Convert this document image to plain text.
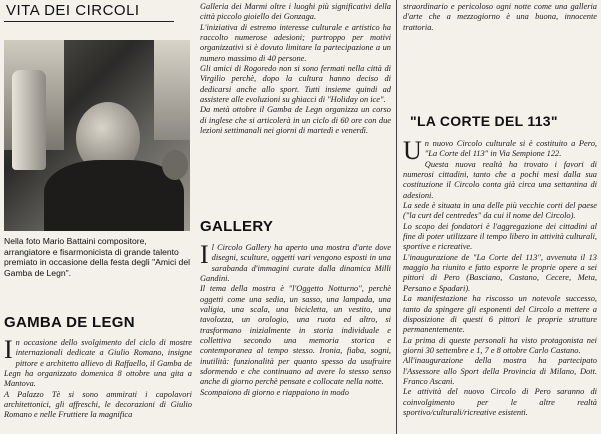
VITA DEI CIRCOLI
Nella foto Mario Battaini compositore, arrangiatore e fisarmonicista di grande talento premiato in occasione della festa degli "Amici del Gamba de Legn".
GAMBA DE LEGN

In occasione dello svolgimento del ciclo di mostre internazionali dedicate a Giulio Romano, insigne pittore e architetto allievo di Raffaello, il Gamba de Legn ha organizzato domenica 8 ottobre una gita a Mantova.

A Palazzo Tè si sono ammirati i capolavori architettonici, gli affreschi, le decorazioni di Giulio Romano e nelle Fruttiere la magnifica

Galleria dei Marmi oltre i luoghi più significativi della città piccolo gioiello dei Gonzaga.

L'iniziativa di estremo interesse culturale e artistico ha raccolto numerose adesioni; purtroppo per motivi organizzativi si è dovuto limitare la partecipazione a un numero massimo di 40 persone.

Gli amici di Rogoredo non si sono fermati nella città di Virgilio perchè, dopo la cultura hanno deciso di dedicarsi anche allo sport. Tutti insieme quindi ad assistere alle evoluzioni su ghiacci di "Holiday on ice".

Da metà ottobre il Gamba de Legn organizza un corso di inglese che si articolerà in un ciclo di 60 ore con due lezioni settimanali nei giorni di martedì e venerdì.

GALLERY

Il Circolo Gallery ha aperto una mostra d'arte dove disegni, sculture, oggetti vari vengono esposti in una sarabanda d'immagini curate dalla dinamica Milli Gandini.

Il tema della mostra è "l'Oggetto Notturno", perchè oggetti come una sedia, un sasso, una lampada, una valigia, una scala, una bicicletta, un vestito, una tavolozza, un orologio, una ruota ed altro, si trasformano inizialmente in storia individuale e collettiva secondo una memoria storica e contemporanea al tempo stesso. Ironia, fiaba, sogni, inutilità: funzionalità per quanto spesso da usufruire sdormendo e che continuano ad avere lo stesso senso anche di giorno perchè pensate e collocate nella notte.

Scompaiono di giorno e riappaiono in modo

straordinario e pericoloso ogni notte come una galleria d'arte che a mezzogiorno è una buona, innocente trattoria.

"LA CORTE DEL 113"

Un nuovo Circolo culturale si è costituito a Pero, "La Corte del 113" in Via Sempione 122.

Questa nuova realtà ha trovato i favori di numerosi cittadini, tanto che a pochi mesi dalla sua costituzione il Circolo conta già circa una settantina di adesioni.

La sede è situata in una delle più vecchie corti del paese ("la curt del centredes" da cui il nome del Circolo).

Lo scopo dei fondatori è l'aggregazione dei cittadini al fine di poter utilizzare il tempo libero in attività culturali, sportive e ricreative.

L'inaugurazione de "La Corte del 113", avvenuta il 13 maggio ha riunito e fatto esporre le proprie opere a sei pittori di Pero (Basciano, Castano, Cecere, Meta, Persano e Spadari).

La manifestazione ha riscosso un notevole successo, tanto da spingere gli esponenti del Circolo a mettere a disposizione di questi 6 pittori le proprie strutture permanentemente.

La prima di queste personali ha visto protagonista nei giorni 30 settembre e 1, 7 e 8 ottobre Carlo Castano.

All'inaugurazione della mostra ha partecipato l'Assessore allo Sport della Provincia di Milano, Dott. Franco Ascani.

Le attività del nuovo Circolo di Pero saranno di coinvolgimento per le altre realtà sportivo/culturali/ricreative esistenti.
